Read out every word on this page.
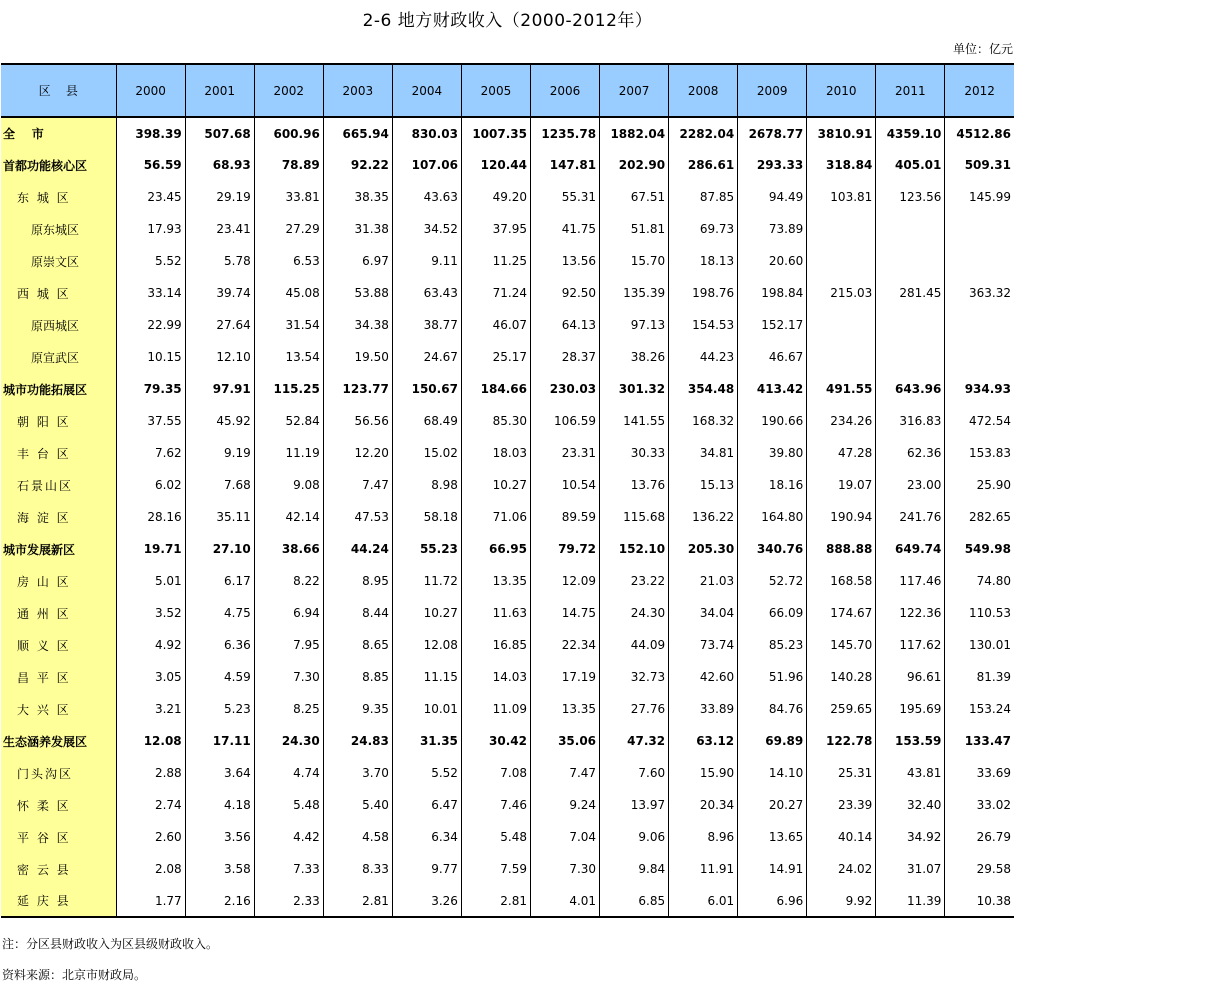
2-6 地方财政收入（2000-2012年）
单位：亿元
区    县	2000	2001	2002	2003	2004	2005	2006	2007	2008	2009	2010	2011	2012
全    市	398.39	507.68	600.96	665.94	830.03	1007.35	1235.78	1882.04	2282.04	2678.77	3810.91	4359.10	4512.86
首都功能核心区	56.59	68.93	78.89	92.22	107.06	120.44	147.81	202.90	286.61	293.33	318.84	405.01	509.31
东 城 区	23.45	29.19	33.81	38.35	43.63	49.20	55.31	67.51	87.85	94.49	103.81	123.56	145.99
原东城区	17.93	23.41	27.29	31.38	34.52	37.95	41.75	51.81	69.73	73.89			
原崇文区	5.52	5.78	6.53	6.97	9.11	11.25	13.56	15.70	18.13	20.60			
西 城 区	33.14	39.74	45.08	53.88	63.43	71.24	92.50	135.39	198.76	198.84	215.03	281.45	363.32
原西城区	22.99	27.64	31.54	34.38	38.77	46.07	64.13	97.13	154.53	152.17			
原宣武区	10.15	12.10	13.54	19.50	24.67	25.17	28.37	38.26	44.23	46.67			
城市功能拓展区	79.35	97.91	115.25	123.77	150.67	184.66	230.03	301.32	354.48	413.42	491.55	643.96	934.93
朝 阳 区	37.55	45.92	52.84	56.56	68.49	85.30	106.59	141.55	168.32	190.66	234.26	316.83	472.54
丰 台 区	7.62	9.19	11.19	12.20	15.02	18.03	23.31	30.33	34.81	39.80	47.28	62.36	153.83
石景山区	6.02	7.68	9.08	7.47	8.98	10.27	10.54	13.76	15.13	18.16	19.07	23.00	25.90
海 淀 区	28.16	35.11	42.14	47.53	58.18	71.06	89.59	115.68	136.22	164.80	190.94	241.76	282.65
城市发展新区	19.71	27.10	38.66	44.24	55.23	66.95	79.72	152.10	205.30	340.76	888.88	649.74	549.98
房 山 区	5.01	6.17	8.22	8.95	11.72	13.35	12.09	23.22	21.03	52.72	168.58	117.46	74.80
通 州 区	3.52	4.75	6.94	8.44	10.27	11.63	14.75	24.30	34.04	66.09	174.67	122.36	110.53
顺 义 区	4.92	6.36	7.95	8.65	12.08	16.85	22.34	44.09	73.74	85.23	145.70	117.62	130.01
昌 平 区	3.05	4.59	7.30	8.85	11.15	14.03	17.19	32.73	42.60	51.96	140.28	96.61	81.39
大 兴 区	3.21	5.23	8.25	9.35	10.01	11.09	13.35	27.76	33.89	84.76	259.65	195.69	153.24
生态涵养发展区	12.08	17.11	24.30	24.83	31.35	30.42	35.06	47.32	63.12	69.89	122.78	153.59	133.47
门头沟区	2.88	3.64	4.74	3.70	5.52	7.08	7.47	7.60	15.90	14.10	25.31	43.81	33.69
怀 柔 区	2.74	4.18	5.48	5.40	6.47	7.46	9.24	13.97	20.34	20.27	23.39	32.40	33.02
平 谷 区	2.60	3.56	4.42	4.58	6.34	5.48	7.04	9.06	8.96	13.65	40.14	34.92	26.79
密 云 县	2.08	3.58	7.33	8.33	9.77	7.59	7.30	9.84	11.91	14.91	24.02	31.07	29.58
延 庆 县	1.77	2.16	2.33	2.81	3.26	2.81	4.01	6.85	6.01	6.96	9.92	11.39	10.38
注：分区县财政收入为区县级财政收入。
资料来源：北京市财政局。
